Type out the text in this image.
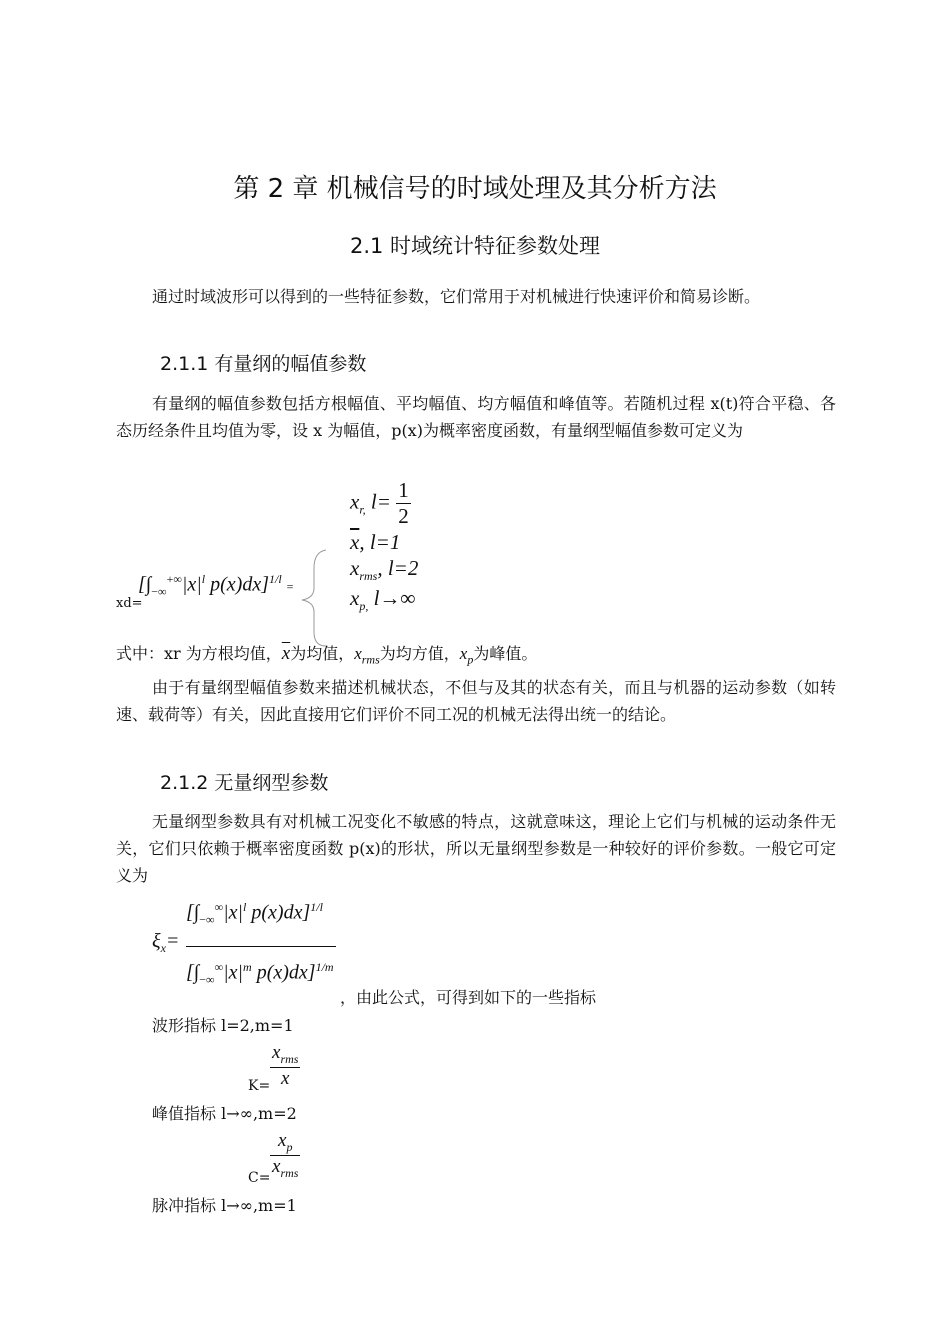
第 2 章 机械信号的时域处理及其分析方法
2.1 时域统计特征参数处理
通过时域波形可以得到的一些特征参数，它们常用于对机械进行快速评价和简易诊断。
2.1.1 有量纲的幅值参数
有量纲的幅值参数包括方根幅值、平均幅值、均方幅值和峰值等。若随机过程 x(t)符合平稳、各态历经条件且均值为零，设 x 为幅值，p(x)为概率密度函数，有量纲型幅值参数可定义为
xd=
[$\int_{-\infty}^{+\infty}|x|^l$ p(x)dx]$^{1/l}$ =
$x_{r,}$ $l= \frac{1}{2}$
$\overline{x}$, l=1
$x_{rms}$, l=2
$x_{p,}$ l→∞
式中：xr 为方根均值，$\overline{x}$为均值，$x_{rms}$为均方值，$x_p$为峰值。
由于有量纲型幅值参数来描述机械状态，不但与及其的状态有关，而且与机器的运动参数（如转速、载荷等）有关，因此直接用它们评价不同工况的机械无法得出统一的结论。
2.1.2 无量纲型参数
无量纲型参数具有对机械工况变化不敏感的特点，这就意味这，理论上它们与机械的运动条件无关，它们只依赖于概率密度函数 p(x)的形状，所以无量纲型参数是一种较好的评价参数。一般它可定义为
$\xi_x=$
[$\int_{-\infty}^\infty|x|^l$ p(x)dx]$^{1/l}$
[$\int_{-\infty}^\infty|x|^m$ p(x)dx]$^{1/m}$
，由此公式，可得到如下的一些指标
波形指标 l=2,m=1
$K= \frac{x_{rms}}{x}$
峰值指标 l→∞,m=2
$C= \frac{x_p}{x_{rms}}$
脉冲指标 l→∞,m=1
